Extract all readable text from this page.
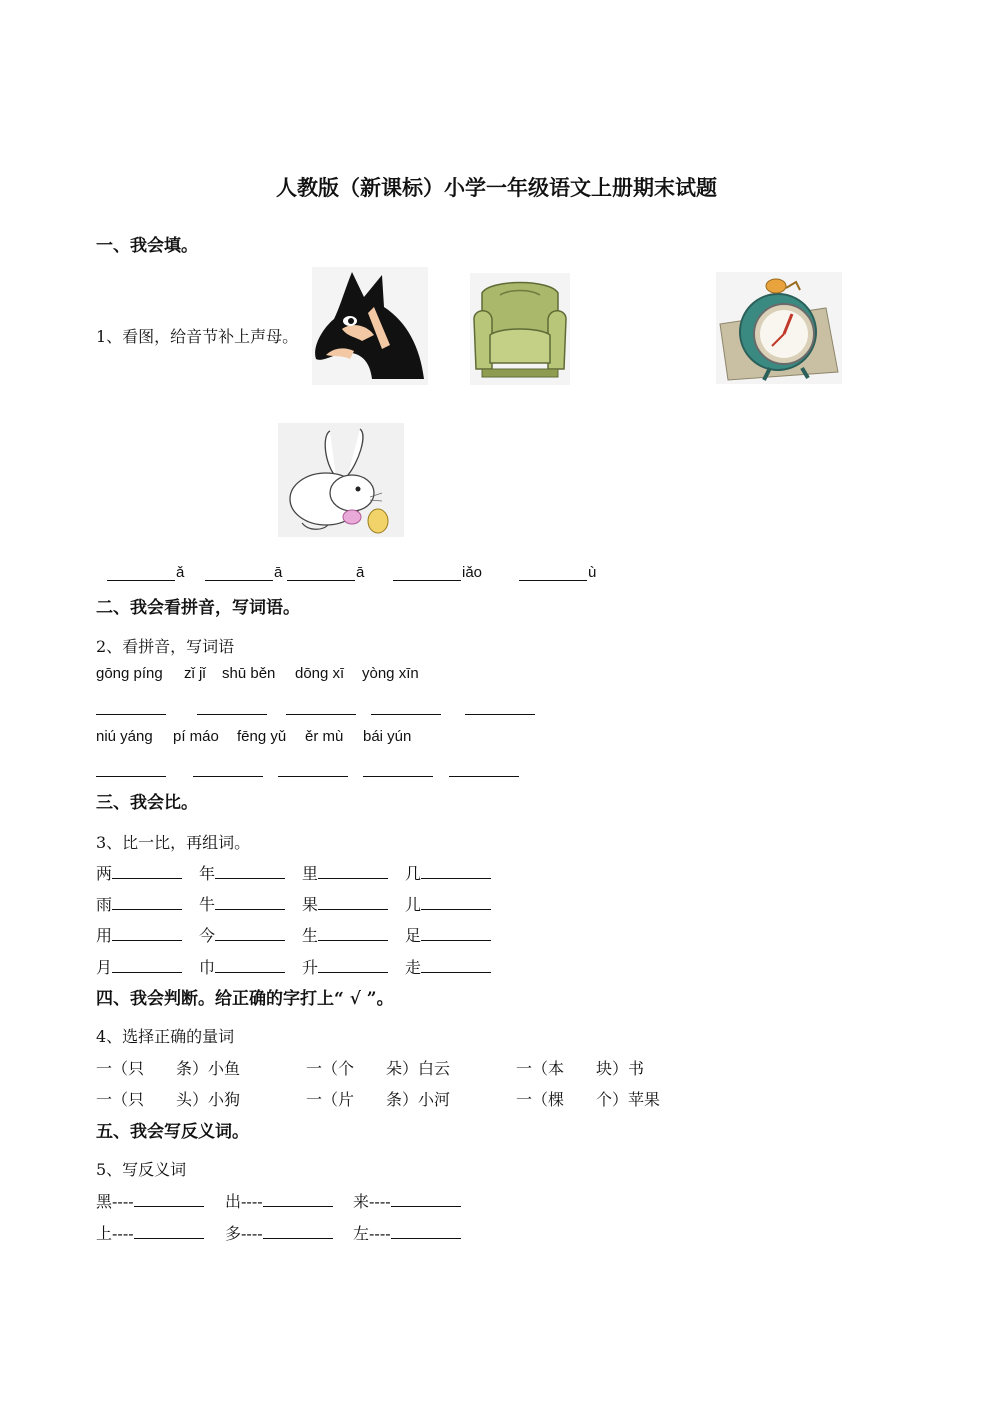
人教版（新课标）小学一年级语文上册期末试题
一、我会填。
1、看图，给音节补上声母。
ǎ	ā	ā	iǎo	ù
二、我会看拼音，写词语。
2、看拼音，写词语
gōng píng zǐ jǐ shū běn dōng xī yòng xīn
niú yáng pí máo fēng yǔ ěr mù bái yún
三、我会比。
3、比一比，再组词。
两	年	里	几
雨	牛	果	儿
用	今	生	足
月	巾	升	走
四、我会判断。给正确的字打上“ √ ”。
4、选择正确的量词
一（只　　条）小鱼	一（个　　朵）白云	一（本　　块）书
一（只　　头）小狗	一（片　　条）小河	一（棵　　个）苹果
五、我会写反义词。
5、写反义词
黑----	出----	来----
上----	多----	左----
